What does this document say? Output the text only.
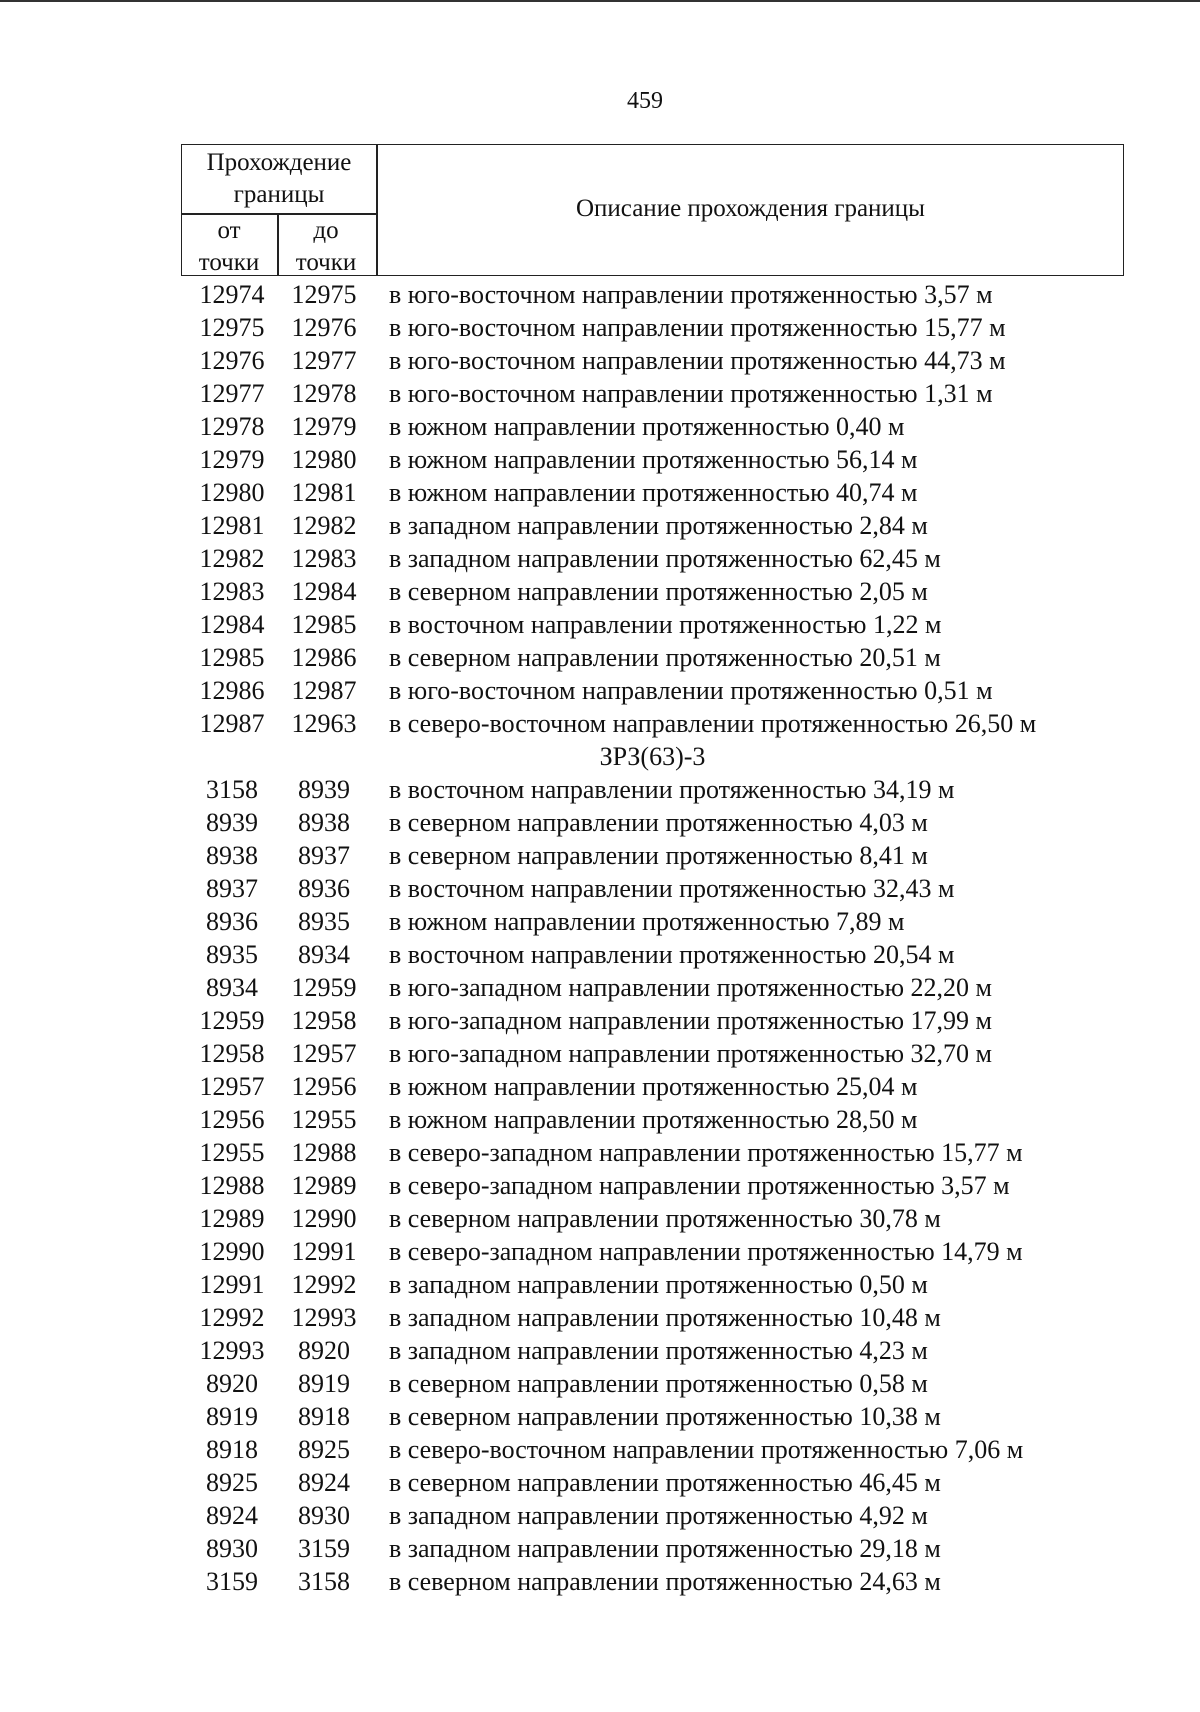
459
Прохождение
границы
от
точки
до
точки
Описание прохождения границы
12974	12975 в юго-восточном направлении протяженностью 3,57 м
12975	12976 в юго-восточном направлении протяженностью 15,77 м
12976	12977 в юго-восточном направлении протяженностью 44,73 м
12977	12978 в юго-восточном направлении протяженностью 1,31 м
12978	12979 в южном направлении протяженностью 0,40 м
12979	12980 в южном направлении протяженностью 56,14 м
12980	12981 в южном направлении протяженностью 40,74 м
12981	12982 в западном направлении протяженностью 2,84 м
12982	12983 в западном направлении протяженностью 62,45 м
12983	12984 в северном направлении протяженностью 2,05 м
12984	12985 в восточном направлении протяженностью 1,22 м
12985	12986 в северном направлении протяженностью 20,51 м
12986	12987 в юго-восточном направлении протяженностью 0,51 м
12987	12963 в северо-восточном направлении протяженностью 26,50 м
ЗРЗ(63)-3
3158	8939	в восточном направлении протяженностью 34,19 м
8939	8938	в северном направлении протяженностью 4,03 м
8938	8937	в северном направлении протяженностью 8,41 м
8937	8936	в восточном направлении протяженностью 32,43 м
8936	8935	в южном направлении протяженностью 7,89 м
8935	8934	в восточном направлении протяженностью 20,54 м
8934	12959 в юго-западном направлении протяженностью 22,20 м
12959	12958 в юго-западном направлении протяженностью 17,99 м
12958	12957 в юго-западном направлении протяженностью 32,70 м
12957	12956 в южном направлении протяженностью 25,04 м
12956	12955 в южном направлении протяженностью 28,50 м
12955	12988 в северо-западном направлении протяженностью 15,77 м
12988	12989 в северо-западном направлении протяженностью 3,57 м
12989	12990 в северном направлении протяженностью 30,78 м
12990	12991 в северо-западном направлении протяженностью 14,79 м
12991	12992 в западном направлении протяженностью 0,50 м
12992	12993 в западном направлении протяженностью 10,48 м
12993	8920	в западном направлении протяженностью 4,23 м
8920	8919	в северном направлении протяженностью 0,58 м
8919	8918	в северном направлении протяженностью 10,38 м
8918	8925	в северо-восточном направлении протяженностью 7,06 м
8925	8924	в северном направлении протяженностью 46,45 м
8924	8930	в западном направлении протяженностью 4,92 м
8930	3159	в западном направлении протяженностью 29,18 м
3159	3158	в северном направлении протяженностью 24,63 м
